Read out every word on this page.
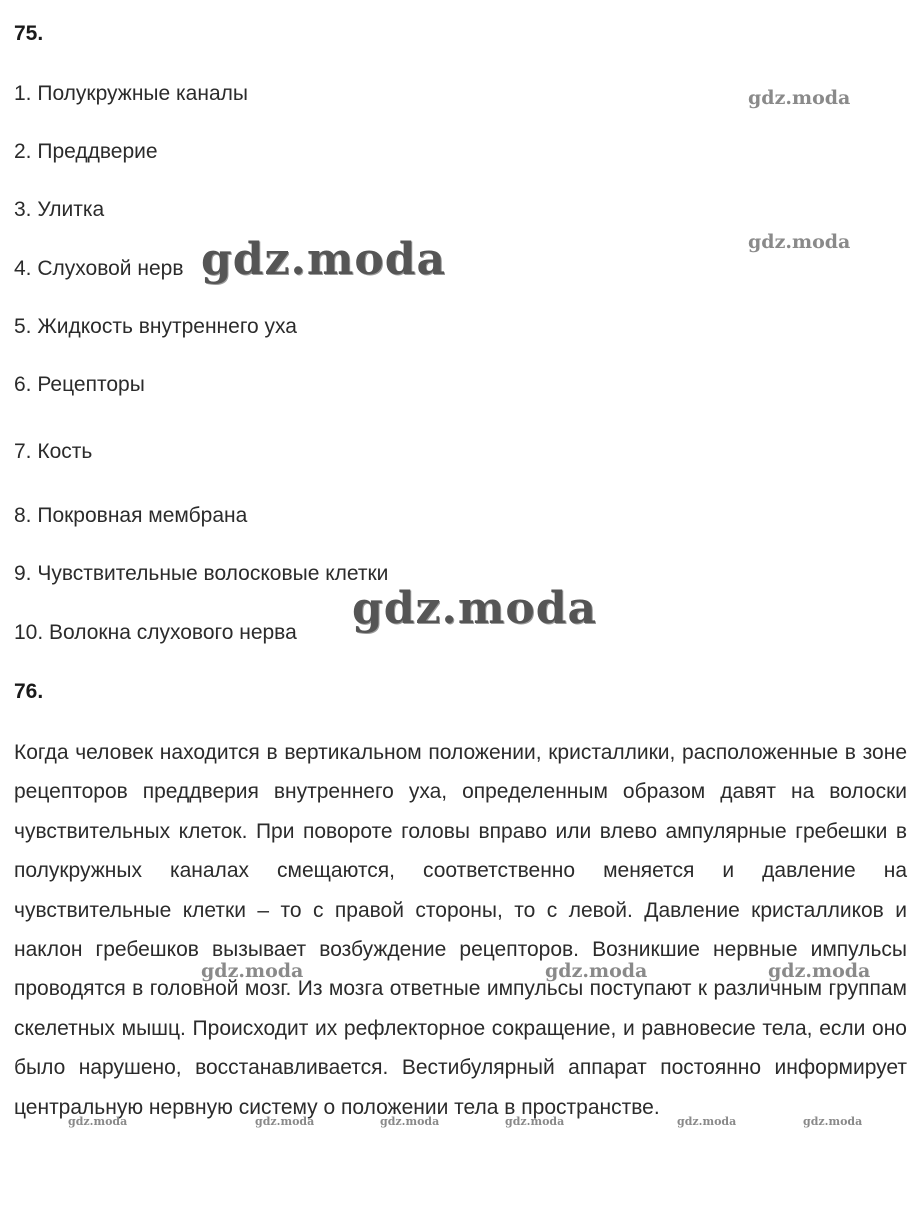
75.
1. Полукружные каналы
2. Преддверие
3. Улитка
4. Слуховой нерв
5. Жидкость внутреннего уха
6. Рецепторы
7. Кость
8. Покровная мембрана
9. Чувствительные волосковые клетки
10. Волокна слухового нерва
76.
Когда человек находится в вертикальном положении, кристаллики, расположенные в зоне рецепторов преддверия внутреннего уха, определенным образом давят на волоски чувствительных клеток. При повороте головы вправо или влево ампулярные гребешки в полукружных каналах смещаются, соответственно меняется и давление на чувствительные клетки – то с правой стороны, то с левой. Давление кристалликов и наклон гребешков вызывает возбуждение рецепторов. Возникшие нервные импульсы проводятся в головной мозг. Из мозга ответные импульсы поступают к различным группам скелетных мышц. Происходит их рефлекторное сокращение, и равновесие тела, если оно было нарушено, восстанавливается. Вестибулярный аппарат постоянно информирует центральную нервную систему о положении тела в пространстве.
gdz.moda
gdz.moda
gdz.moda
gdz.moda
gdz.moda	gdz.moda	gdz.moda
gdz.moda	gdz.moda	gdz.moda	gdz.moda	gdz.moda	gdz.moda
